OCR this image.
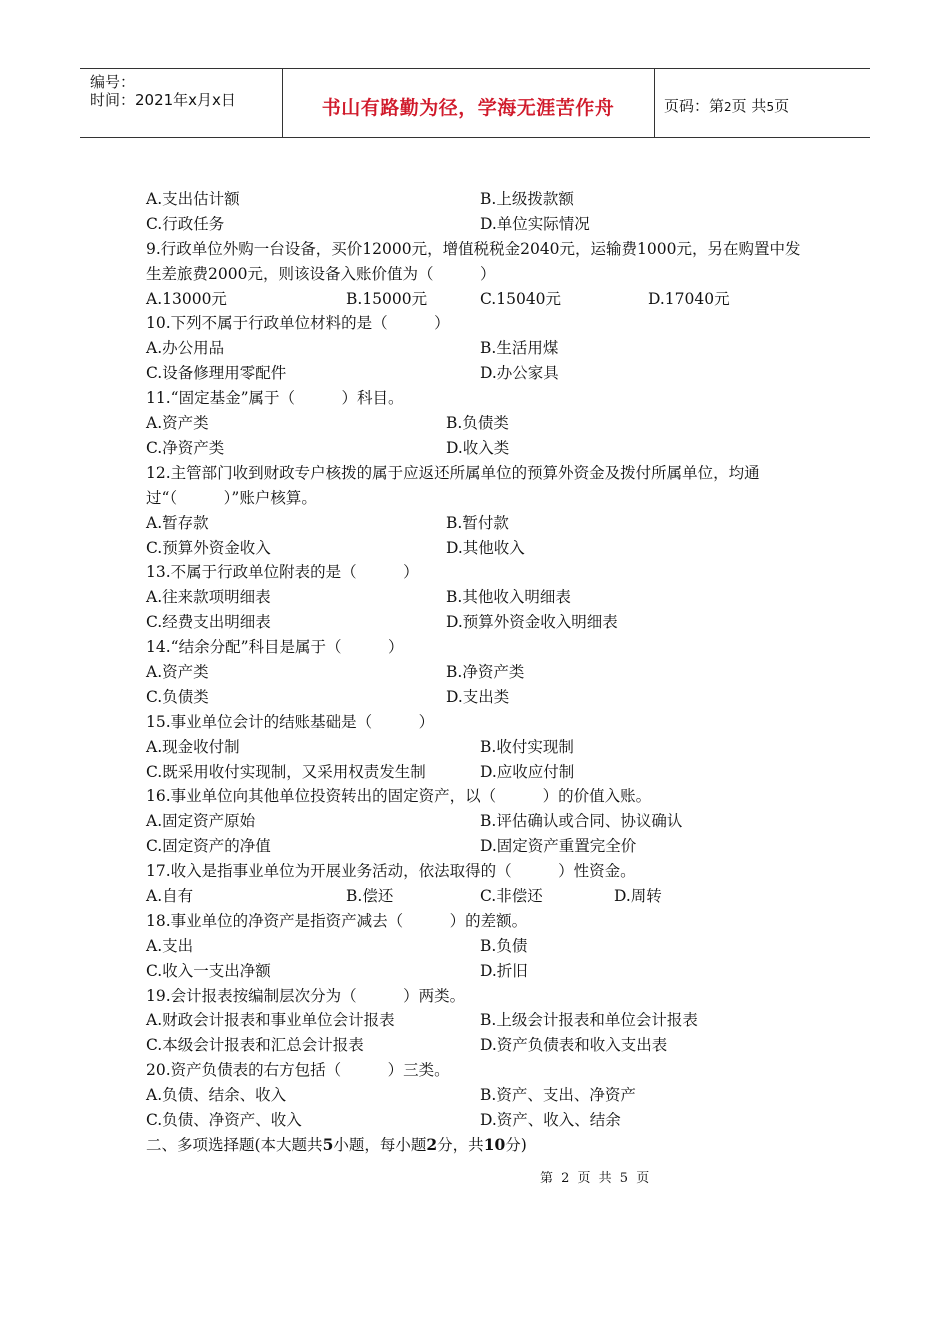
编号：
时间：2021年x月x日	书山有路勤为径，学海无涯苦作舟	页码：第2页 共5页
A.支出估计额	B.上级拨款额
C.行政任务	D.单位实际情况
9.行政单位外购一台设备，买价12000元，增值税税金2040元，运输费1000元，另在购置中发生差旅费2000元，则该设备入账价值为（　　　）
A.13000元	B.15000元	C.15040元	D.17040元
10.下列不属于行政单位材料的是（　　　）
A.办公用品	B.生活用煤
C.设备修理用零配件	D.办公家具
11.“固定基金”属于（　　　）科目。
A.资产类	B.负债类
C.净资产类	D.收入类
12.主管部门收到财政专户核拨的属于应返还所属单位的预算外资金及拨付所属单位，均通过“（　　　）”账户核算。
A.暂存款	B.暂付款
C.预算外资金收入	D.其他收入
13.不属于行政单位附表的是（　　　）
A.往来款项明细表	B.其他收入明细表
C.经费支出明细表	D.预算外资金收入明细表
14.“结余分配”科目是属于（　　　）
A.资产类	B.净资产类
C.负债类	D.支出类
15.事业单位会计的结账基础是（　　　）
A.现金收付制	B.收付实现制
C.既采用收付实现制，又采用权责发生制	D.应收应付制
16.事业单位向其他单位投资转出的固定资产，以（　　　）的价值入账。
A.固定资产原始	B.评估确认或合同、协议确认
C.固定资产的净值	D.固定资产重置完全价
17.收入是指事业单位为开展业务活动，依法取得的（　　　）性资金。
A.自有	B.偿还	C.非偿还	D.周转
18.事业单位的净资产是指资产减去（　　　）的差额。
A.支出	B.负债
C.收入一支出净额	D.折旧
19.会计报表按编制层次分为（　　　）两类。
A.财政会计报表和事业单位会计报表	B.上级会计报表和单位会计报表
C.本级会计报表和汇总会计报表	D.资产负债表和收入支出表
20.资产负债表的右方包括（　　　）三类。
A.负债、结余、收入	B.资产、支出、净资产
C.负债、净资产、收入	D.资产、收入、结余
二、多项选择题(本大题共5小题，每小题2分，共10分)
第 2 页 共 5 页
